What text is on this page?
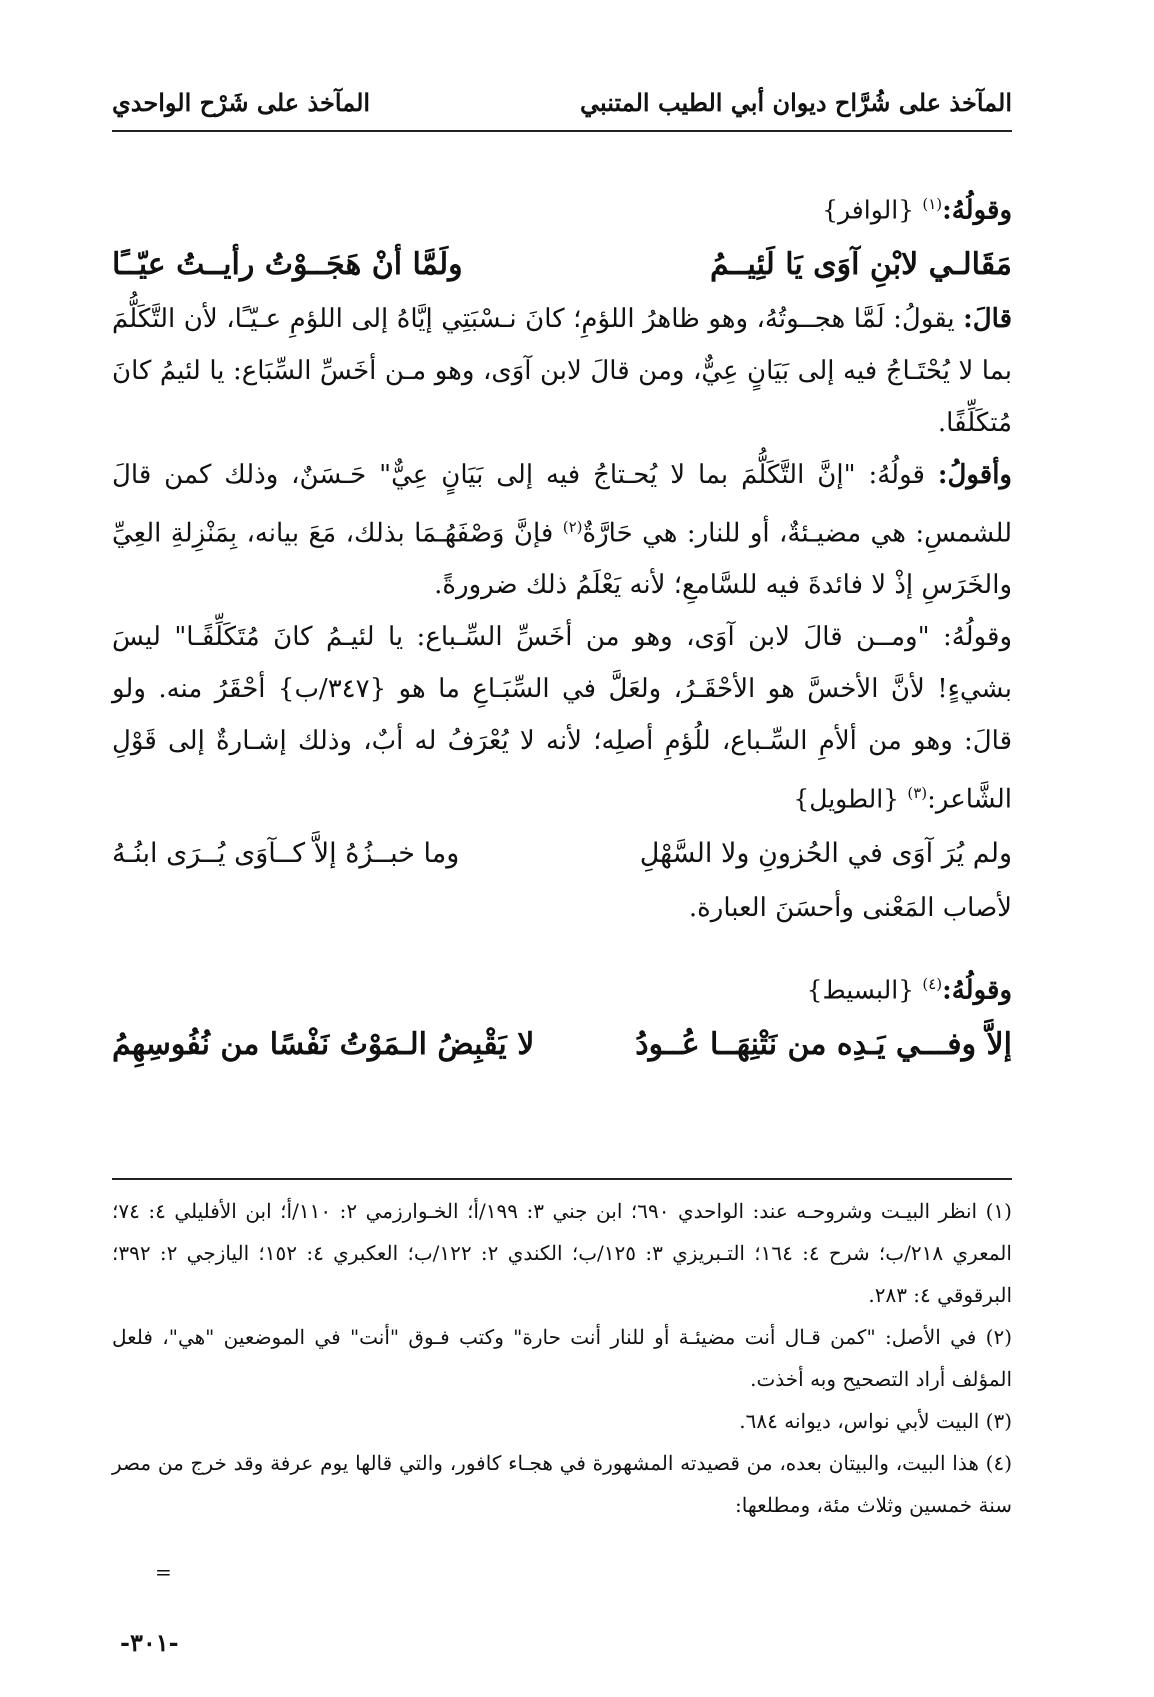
المآخذ على شُرَّاح ديوان أبي الطيب المتنبي
المآخذ على شَرْح الواحدي

وقولُهُ:$^{(١)}$ {الوافر}

ولَمَّا أنْ هَجَــوْتُ رأيــتُ عيّــًا	مَقَالـي لابْنِ آوَى يَا لَئِيــمُ

قالَ: يقولُ: لَمَّا هجــوتُهُ، وهو ظاهرُ اللؤمِ؛ كانَ نـسْبَتِي إيَّاهُ إلى اللؤمِ عـيّـًا، لأن التَّكَلُّمَ بما لا يُحْتَـاجُ فيه إلى بَيَانٍ عِيٌّ، ومن قالَ لابن آوَى، وهو مـن أخَسِّ السِّبَاع: يا لئيمُ كانَ مُتكَلِّفًا.

وأقولُ: قولُهُ: "إنَّ التَّكَلُّمَ بما لا يُحـتاجُ فيه إلى بَيَانٍ عِيٌّ" حَـسَنٌ، وذلك كمن قالَ للشمسِ: هي مضيـئةٌ، أو للنار: هي حَارَّةٌ$^{(٢)}$ فإنَّ وَصْفَهُـمَا بذلك، مَعَ بيانه، بِمَنْزِلةِ العِيِّ والخَرَسِ إذْ لا فائدةَ فيه للسَّامعِ؛ لأنه يَعْلَمُ ذلك ضرورةً.

وقولُهُ: "ومــن قالَ لابن آوَى، وهو من أخَسِّ السِّـباع: يا لئيـمُ كانَ مُتَكَلِّفًـا" ليسَ بشيءٍ! لأنَّ الأخسَّ هو الأحْقَـرُ، ولعَلَّ في السِّبَـاعِ ما هو {٣٤٧/ب} أحْقَرُ منه. ولو قالَ: وهو من ألأمِ السِّـباع، للُؤمِ أصلِه؛ لأنه لا يُعْرَفُ له أبٌ، وذلك إشـارةٌ إلى قَوْلِ الشَّاعر:$^{(٣)}$ {الطويل}

وما خبــزُهُ إلاَّ كــآوَى يُــرَى ابنُـهُ	ولم يُرَ آوَى في الحُزونِ ولا السَّهْلِ

لأصاب المَعْنى وأحسَنَ العبارة.

وقولُهُ:$^{(٤)}$ {البسيط}

لا يَقْبِضُ الـمَوْتُ نَفْسًا من نُفُوسِهِمُ	إلاَّ وفـــي يَـدِه من نَتْنِهَــا عُــودُ

(١) انظر البيـت وشروحـه عند: الواحدي ٦٩٠؛ ابن جني ٣: ١٩٩/أ؛ الخـوارزمي ٢: ١١٠/أ؛ ابن الأفليلي ٤: ٧٤؛ المعري ٢١٨/ب؛ شرح ٤: ١٦٤؛ التـبريزي ٣: ١٢٥/ب؛ الكندي ٢: ١٢٢/ب؛ العكبري ٤: ١٥٢؛ اليازجي ٢: ٣٩٢؛ البرقوقي ٤: ٢٨٣.

(٢) في الأصل: "كمن قـال أنت مضيئـة أو للنار أنت حارة" وكتب فـوق "أنت" في الموضعين "هي"، فلعل المؤلف أراد التصحيح وبه أخذت.

(٣) البيت لأبي نواس، ديوانه ٦٨٤.

(٤) هذا البيت، والبيتان بعده، من قصيدته المشهورة في هجـاء كافور، والتي قالها يوم عرفة وقد خرج من مصر سنة خمسين وثلاث مئة، ومطلعها:

=
-٣٠١-
